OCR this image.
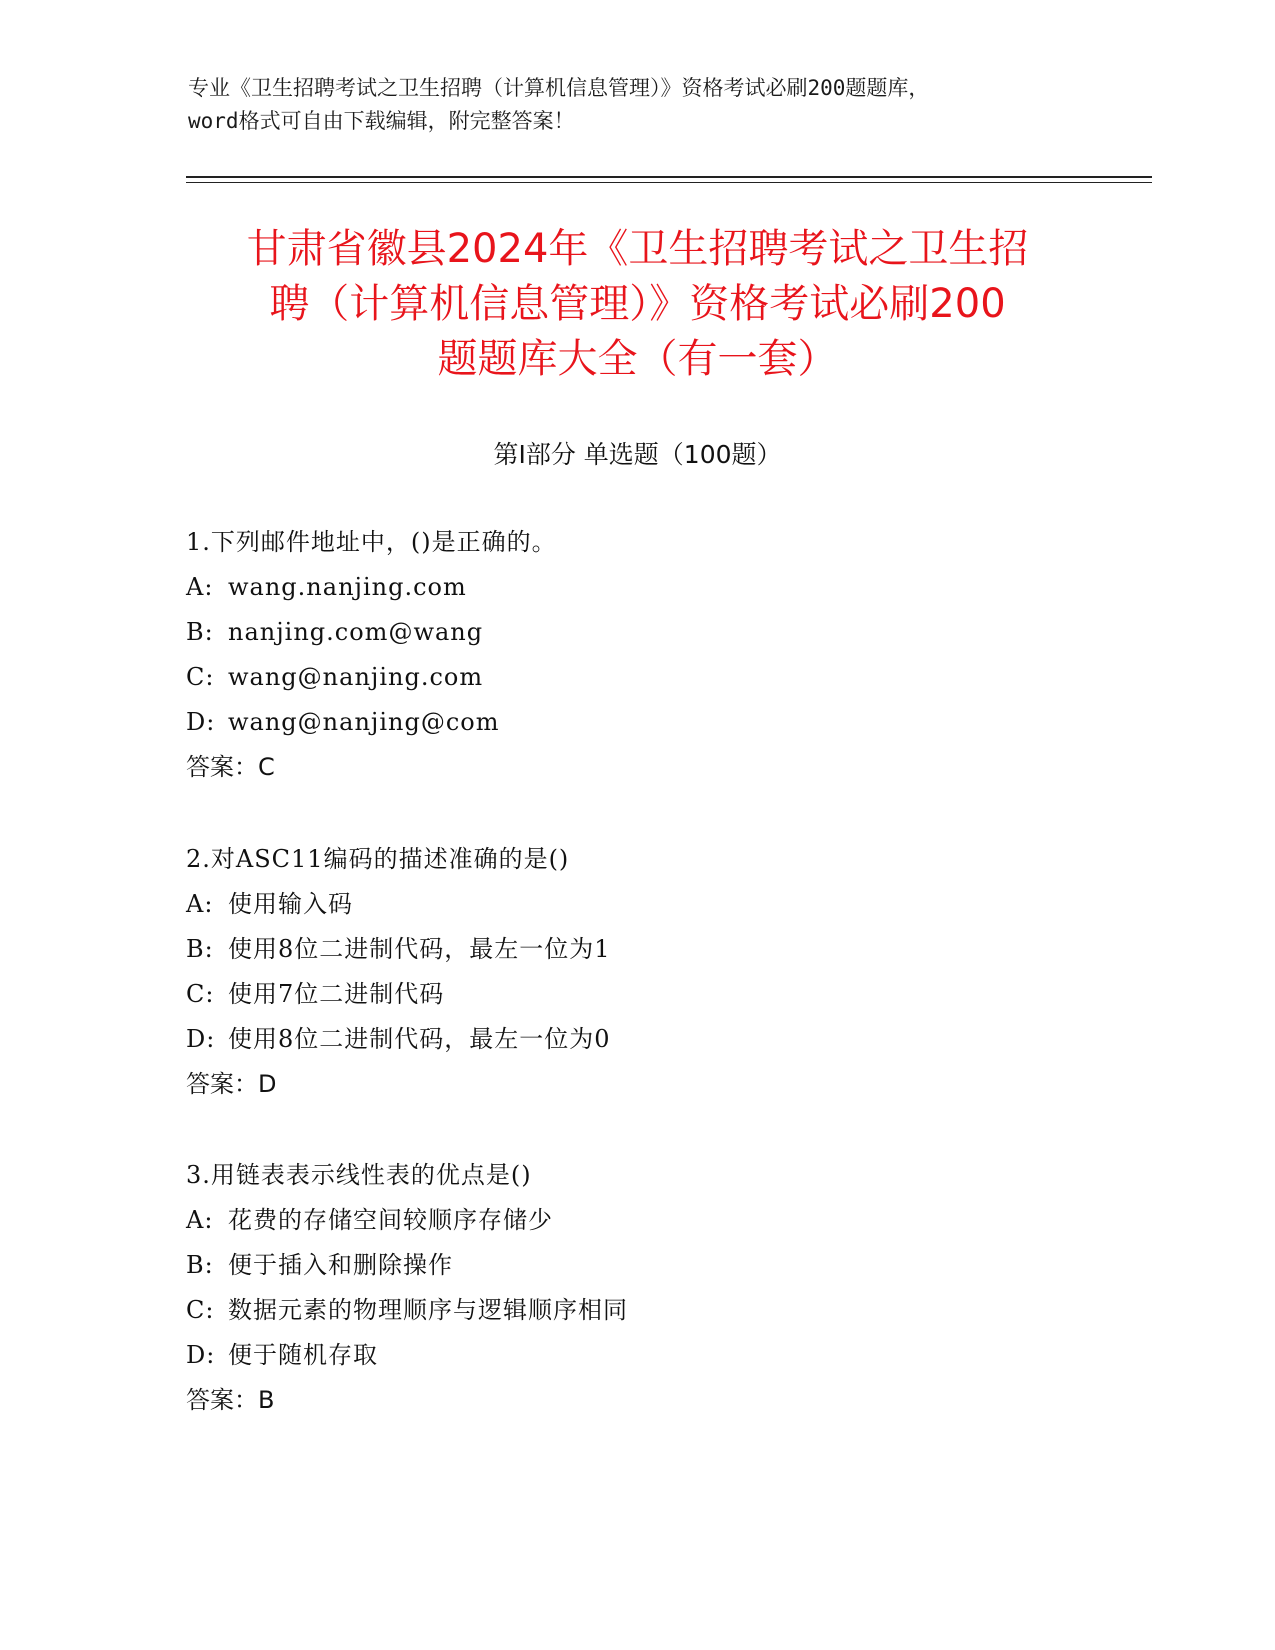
专业《卫生招聘考试之卫生招聘（计算机信息管理）》资格考试必刷200题题库，
word格式可自由下载编辑，附完整答案！
甘肃省徽县2024年《卫生招聘考试之卫生招
聘（计算机信息管理）》资格考试必刷200
题题库大全（有一套）
第Ⅰ部分 单选题（100题）
1.下列邮件地址中，()是正确的。
A: wang.nanjing.com
B: nanjing.com@wang
C: wang@nanjing.com
D: wang@nanjing@com
答案：C
2.对ASC11编码的描述准确的是()
A: 使用输入码
B: 使用8位二进制代码，最左一位为1
C: 使用7位二进制代码
D: 使用8位二进制代码，最左一位为0
答案：D
3.用链表表示线性表的优点是()
A: 花费的存储空间较顺序存储少
B: 便于插入和删除操作
C: 数据元素的物理顺序与逻辑顺序相同
D: 便于随机存取
答案：B
